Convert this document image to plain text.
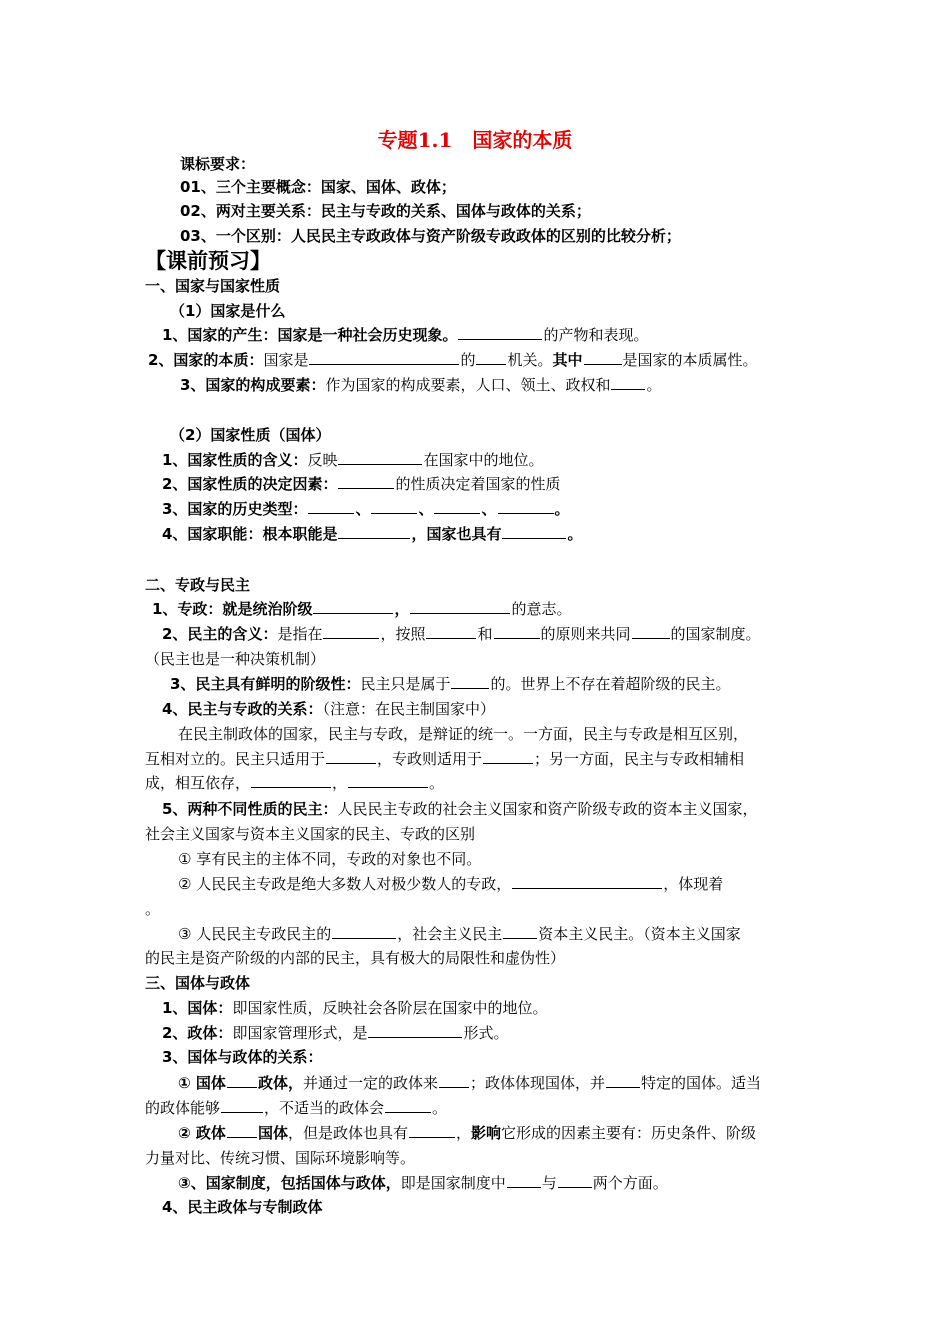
专题1.1　国家的本质
课标要求：
01、三个主要概念：国家、国体、政体；
02、两对主要关系：民主与专政的关系、国体与政体的关系；
03、一个区别：人民民主专政政体与资产阶级专政政体的区别的比较分析；
【课前预习】
一、国家与国家性质
（1）国家是什么
1、国家的产生：国家是一种社会历史现象。	的产物和表现。
2、国家的本质：国家是	的 机关。其中	是国家的本质属性。
3、国家的构成要素：作为国家的构成要素，人口、领土、政权和 。
（2）国家性质（国体）
1、国家性质的含义：反映	在国家中的地位。
2、国家性质的决定因素：	的性质决定着国家的性质
3、国家的历史类型：	、	、	、	。
4、国家职能：根本职能是	，国家也具有	。
二、专政与民主
1、专政：就是统治阶级	，	的意志。
2、民主的含义：是指在	，按照	和	的原则来共同	的国家制度。
（民主也是一种决策机制）
3、民主具有鲜明的阶级性：民主只是属于	的。世界上不存在着超阶级的民主。
4、民主与专政的关系：（注意：在民主制国家中）
在民主制政体的国家，民主与专政，是辩证的统一。一方面，民主与专政是相互区别，
互相对立的。民主只适用于	，专政则适用于	；另一方面，民主与专政相辅相
成，相互依存，	，	。
5、两种不同性质的民主：人民民主专政的社会主义国家和资产阶级专政的资本主义国家，
社会主义国家与资本主义国家的民主、专政的区别
① 享有民主的主体不同，专政的对象也不同。
② 人民民主专政是绝大多数人对极少数人的专政，	，体现着
。
③ 人民民主专政民主的	，社会主义民主 资本主义民主。（资本主义国家
的民主是资产阶级的内部的民主，具有极大的局限性和虚伪性）
三、国体与政体
1、国体：即国家性质，反映社会各阶层在国家中的地位。
2、政体：即国家管理形式，是	形式。
3、国体与政体的关系：
① 国体 政体，并通过一定的政体来 ；政体体现国体，并 特定的国体。适当
的政体能够	，不适当的政体会	。
② 政体 国体，但是政体也具有	，影响它形成的因素主要有：历史条件、阶级
力量对比、传统习惯、国际环境影响等。
③、国家制度，包括国体与政体，即是国家制度中 与 两个方面。
4、民主政体与专制政体
